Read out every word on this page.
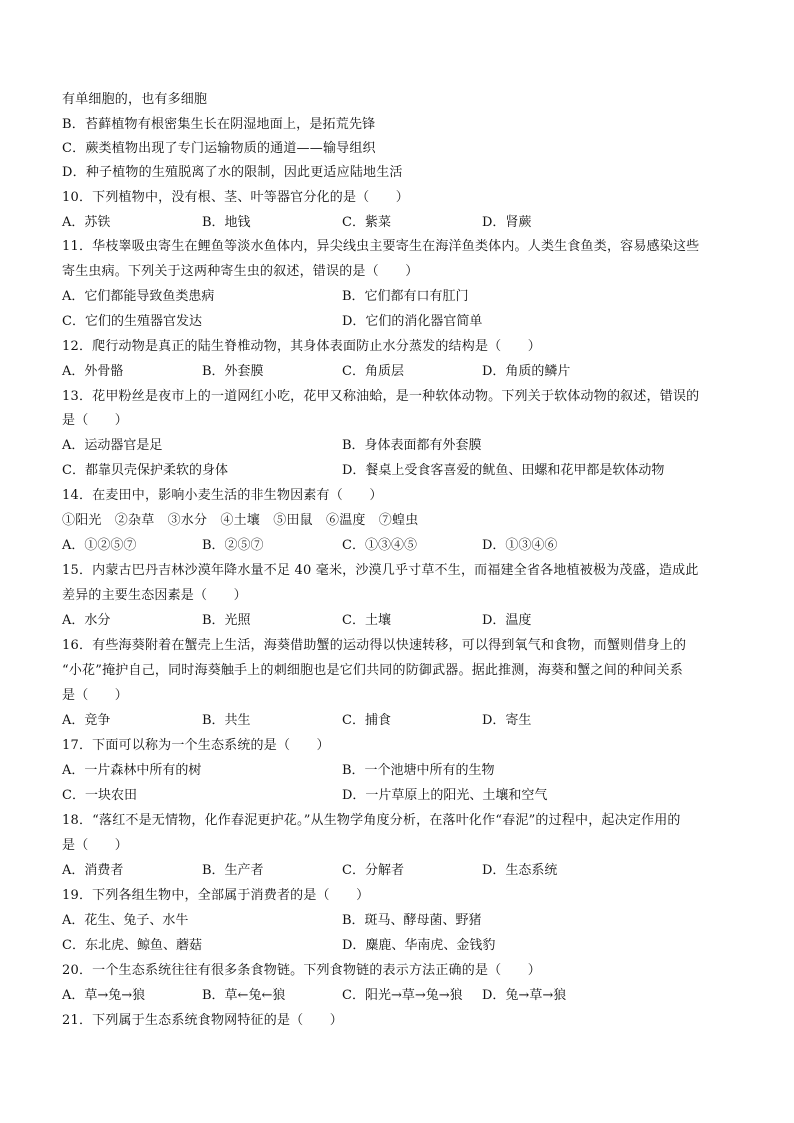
有单细胞的，也有多细胞
B．苔藓植物有根密集生长在阴湿地面上，是拓荒先锋
C．蕨类植物出现了专门运输物质的通道——输导组织
D．种子植物的生殖脱离了水的限制，因此更适应陆地生活
10．下列植物中，没有根、茎、叶等器官分化的是（　　）
A．苏铁	B．地钱	C．紫菜	D．肾蕨
11．华枝睾吸虫寄生在鲤鱼等淡水鱼体内，异尖线虫主要寄生在海洋鱼类体内。人类生食鱼类，容易感染这些
寄生虫病。下列关于这两种寄生虫的叙述，错误的是（　　）
A．它们都能导致鱼类患病	B．它们都有口有肛门
C．它们的生殖器官发达	D．它们的消化器官简单
12．爬行动物是真正的陆生脊椎动物，其身体表面防止水分蒸发的结构是（　　）
A．外骨骼	B．外套膜	C．角质层	D．角质的鳞片
13．花甲粉丝是夜市上的一道网红小吃，花甲又称油蛤，是一种软体动物。下列关于软体动物的叙述，错误的
是（　　）
A．运动器官是足	B．身体表面都有外套膜
C．都靠贝壳保护柔软的身体	D．餐桌上受食客喜爱的鱿鱼、田螺和花甲都是软体动物
14．在麦田中，影响小麦生活的非生物因素有（　　）
①阳光　②杂草　③水分　④土壤　⑤田鼠　⑥温度　⑦蝗虫
A．①②⑤⑦	B．②⑤⑦	C．①③④⑤	D．①③④⑥
15．内蒙古巴丹吉林沙漠年降水量不足 40 毫米，沙漠几乎寸草不生，而福建全省各地植被极为茂盛，造成此
差异的主要生态因素是（　　）
A．水分	B．光照	C．土壤	D．温度
16．有些海葵附着在蟹壳上生活，海葵借助蟹的运动得以快速转移，可以得到氧气和食物，而蟹则借身上的
“小花”掩护自己，同时海葵触手上的刺细胞也是它们共同的防御武器。据此推测，海葵和蟹之间的种间关系
是（　　）
A．竞争	B．共生	C．捕食	D．寄生
17．下面可以称为一个生态系统的是（　　）
A．一片森林中所有的树	B．一个池塘中所有的生物
C．一块农田	D．一片草原上的阳光、土壤和空气
18．“落红不是无情物，化作春泥更护花。”从生物学角度分析，在落叶化作“春泥”的过程中，起决定作用的
是（　　）
A．消费者	B．生产者	C．分解者	D．生态系统
19．下列各组生物中，全部属于消费者的是（　　）
A．花生、兔子、水牛	B．斑马、酵母菌、野猪
C．东北虎、鲸鱼、蘑菇	D．麋鹿、华南虎、金钱豹
20．一个生态系统往往有很多条食物链。下列食物链的表示方法正确的是（　　）
A．草→兔→狼	B．草←兔←狼	C．阳光→草→兔→狼 D．兔→草→狼
21．下列属于生态系统食物网特征的是（　　）
